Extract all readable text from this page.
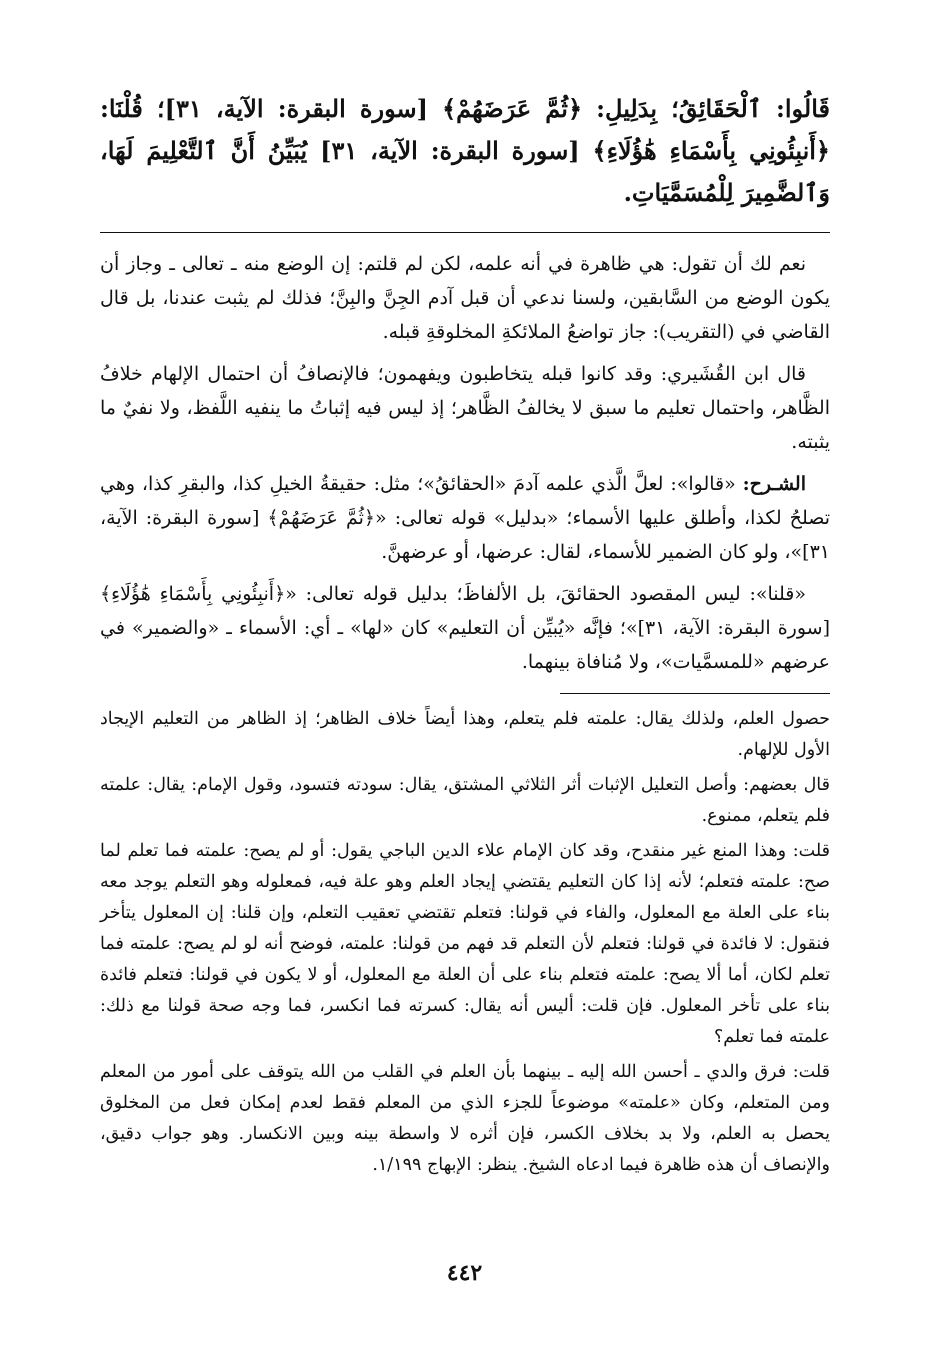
قَالُوا: ٱلْحَقَائِقُ؛ بِدَلِيلِ: ﴿ثُمَّ عَرَضَهُمْ﴾ [سورة البقرة: الآية، ٣١]؛ قُلْنَا: ﴿أَنبِئُونِي بِأَسْمَاءِ هَٰؤُلَاءِ﴾ [سورة البقرة: الآية، ٣١] يُبَيِّنُ أَنَّ ٱلتَّعْلِيمَ لَهَا، وَٱلضَّمِيرَ لِلْمُسَمَّيَاتِ.

نعم لك أن تقول: هي ظاهرة في أنه علمه، لكن لم قلتم: إن الوضع منه ـ تعالى ـ وجاز أن يكون الوضع من السَّابقين، ولسنا ندعي أن قبل آدم الجِنَّ والبِنَّ؛ فذلك لم يثبت عندنا، بل قال القاضي في (التقريب): جاز تواضعُ الملائكةِ المخلوقةِ قبله.

قال ابن القُشَيري: وقد كانوا قبله يتخاطبون ويفهمون؛ فالإنصافُ أن احتمال الإلهام خلافُ الظَّاهر، واحتمال تعليم ما سبق لا يخالفُ الظَّاهر؛ إذ ليس فيه إثباتُ ما ينفيه اللَّفظ، ولا نفيٌ ما يثبته.

الشـرح: «قالوا»: لعلَّ الَّذي علمه آدمَ «الحقائقُ»؛ مثل: حقيقةُ الخيلِ كذا، والبقرِ كذا، وهي تصلحُ لكذا، وأطلق عليها الأسماء؛ «بدليل» قوله تعالى: «﴿ثُمَّ عَرَضَهُمْ﴾ [سورة البقرة: الآية، ٣١]»، ولو كان الضمير للأسماء، لقال: عرضها، أو عرضهنَّ.

«قلنا»: ليس المقصود الحقائقَ، بل الألفاظَ؛ بدليل قوله تعالى: «﴿أَنبِئُونِي بِأَسْمَاءِ هَٰؤُلَاءِ﴾ [سورة البقرة: الآية، ٣١]»؛ فإنَّه «يُبيِّن أن التعليم» كان «لها» ـ أي: الأسماء ـ «والضمير» في عرضهم «للمسمَّيات»، ولا مُنافاة بينهما.

حصول العلم، ولذلك يقال: علمته فلم يتعلم، وهذا أيضاً خلاف الظاهر؛ إذ الظاهر من التعليم الإيجاد الأول للإلهام.

قال بعضهم: وأصل التعليل الإثبات أثر الثلاثي المشتق، يقال: سودته فتسود، وقول الإمام: يقال: علمته فلم يتعلم، ممنوع.

قلت: وهذا المنع غير منقدح، وقد كان الإمام علاء الدين الباجي يقول: أو لم يصح: علمته فما تعلم لما صح: علمته فتعلم؛ لأنه إذا كان التعليم يقتضي إيجاد العلم وهو علة فيه، فمعلوله وهو التعلم يوجد معه بناء على العلة مع المعلول، والفاء في قولنا: فتعلم تقتضي تعقيب التعلم، وإن قلنا: إن المعلول يتأخر فنقول: لا فائدة في قولنا: فتعلم لأن التعلم قد فهم من قولنا: علمته، فوضح أنه لو لم يصح: علمته فما تعلم لكان، أما ألا يصح: علمته فتعلم بناء على أن العلة مع المعلول، أو لا يكون في قولنا: فتعلم فائدة بناء على تأخر المعلول. فإن قلت: أليس أنه يقال: كسرته فما انكسر، فما وجه صحة قولنا مع ذلك: علمته فما تعلم؟

قلت: فرق والدي ـ أحسن الله إليه ـ بينهما بأن العلم في القلب من الله يتوقف على أمور من المعلم ومن المتعلم، وكان «علمته» موضوعاً للجزء الذي من المعلم فقط لعدم إمكان فعل من المخلوق يحصل به العلم، ولا بد بخلاف الكسر، فإن أثره لا واسطة بينه وبين الانكسار. وهو جواب دقيق، والإنصاف أن هذه ظاهرة فيما ادعاه الشيخ. ينظر: الإبهاج ١/١٩٩.

٤٤٢
